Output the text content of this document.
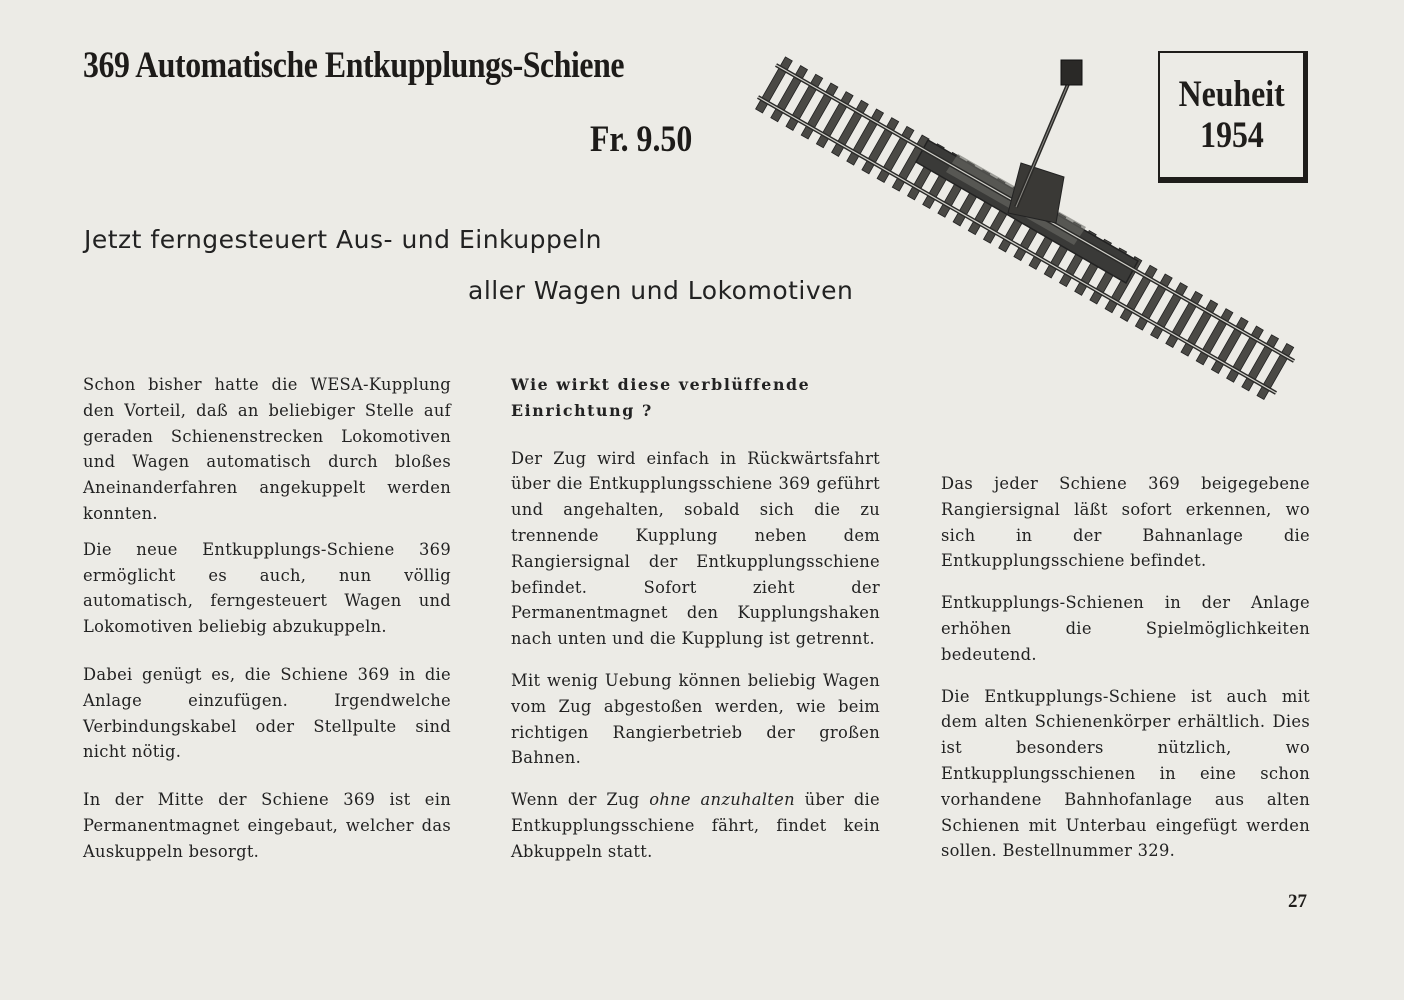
369 Automatische Entkupplungs-Schiene
Fr. 9.50
Neuheit
1954
Jetzt ferngesteuert Aus- und Einkuppeln
aller Wagen und Lokomotiven

Schon bisher hatte die WESA-Kupplung den Vorteil, daß an beliebiger Stelle auf geraden Schienenstrecken Lokomotiven und Wagen automatisch durch bloßes Aneinanderfahren angekuppelt werden konnten.

Die neue Entkupplungs-Schiene 369 ermöglicht es auch, nun völlig automatisch, ferngesteuert Wagen und Lokomotiven beliebig abzukuppeln.

Dabei genügt es, die Schiene 369 in die Anlage einzufügen. Irgendwelche Verbindungskabel oder Stellpulte sind nicht nötig.

In der Mitte der Schiene 369 ist ein Permanentmagnet eingebaut, welcher das Auskuppeln besorgt.

Wie wirkt diese verblüffende Einrichtung ?

Der Zug wird einfach in Rückwärtsfahrt über die Entkupplungsschiene 369 geführt und angehalten, sobald sich die zu trennende Kupplung neben dem Rangiersignal der Entkupplungsschiene befindet. Sofort zieht der Permanentmagnet den Kupplungshaken nach unten und die Kupplung ist getrennt.

Mit wenig Uebung können beliebig Wagen vom Zug abgestoßen werden, wie beim richtigen Rangierbetrieb der großen Bahnen.

Wenn der Zug ohne anzuhalten über die Entkupplungsschiene fährt, findet kein Abkuppeln statt.

Das jeder Schiene 369 beigegebene Rangiersignal läßt sofort erkennen, wo sich in der Bahnanlage die Entkupplungsschiene befindet.

Entkupplungs-Schienen in der Anlage erhöhen die Spielmöglichkeiten bedeutend.

Die Entkupplungs-Schiene ist auch mit dem alten Schienenkörper erhältlich. Dies ist besonders nützlich, wo Entkupplungsschienen in eine schon vorhandene Bahnhofanlage aus alten Schienen mit Unterbau eingefügt werden sollen. Bestellnummer 329.

27
